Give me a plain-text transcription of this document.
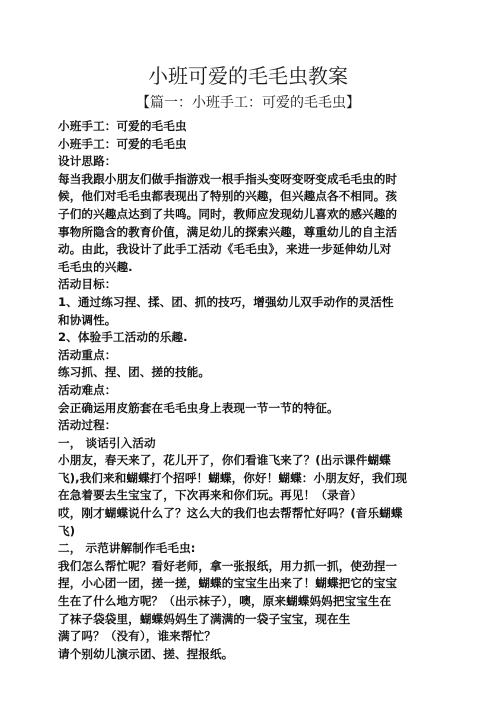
小班可爱的毛毛虫教案
【篇一：小班手工：可爱的毛毛虫】
小班手工：可爱的毛毛虫
小班手工：可爱的毛毛虫
设计思路：
每当我跟小朋友们做手指游戏一根手指头变呀变呀变成毛毛虫的时
候，他们对毛毛虫都表现出了特别的兴趣，但兴趣点各不相同。孩
子们的兴趣点达到了共鸣。同时，教师应发现幼儿喜欢的感兴趣的
事物所隐含的教育价值，满足幼儿的探索兴趣，尊重幼儿的自主活
动。由此，我设计了此手工活动《毛毛虫》，来进一步延伸幼儿对
毛毛虫的兴趣.
活动目标：
1、通过练习捏、揉、团、抓的技巧，增强幼儿双手动作的灵活性
和协调性。
2、体验手工活动的乐趣.
活动重点：
练习抓、捏、团、搓的技能。
活动难点：
会正确运用皮筋套在毛毛虫身上表现一节一节的特征。
活动过程：
一， 谈话引入活动
小朋友，春天来了，花儿开了，你们看谁飞来了？(出示课件蝴蝶
飞),我们来和蝴蝶打个招呼！蝴蝶，你好！蝴蝶：小朋友好，我们现
在急着要去生宝宝了，下次再来和你们玩。再见！（录音）
哎，刚才蝴蝶说什么了？这么大的我们也去帮帮忙好吗？(音乐蝴蝶
飞)
二， 示范讲解制作毛毛虫:
我们怎么帮忙呢？看好老师，拿一张报纸，用力抓一抓，使劲捏一
捏，小心团一团，搓一搓，蝴蝶的宝宝生出来了！蝴蝶把它的宝宝
生在了什么地方呢？（出示袜子），噢，原来蝴蝶妈妈把宝宝生在
了袜子袋袋里，蝴蝶妈妈生了满满的一袋子宝宝，现在生
满了吗？（没有），谁来帮忙？
请个别幼儿演示团、搓、捏报纸。
